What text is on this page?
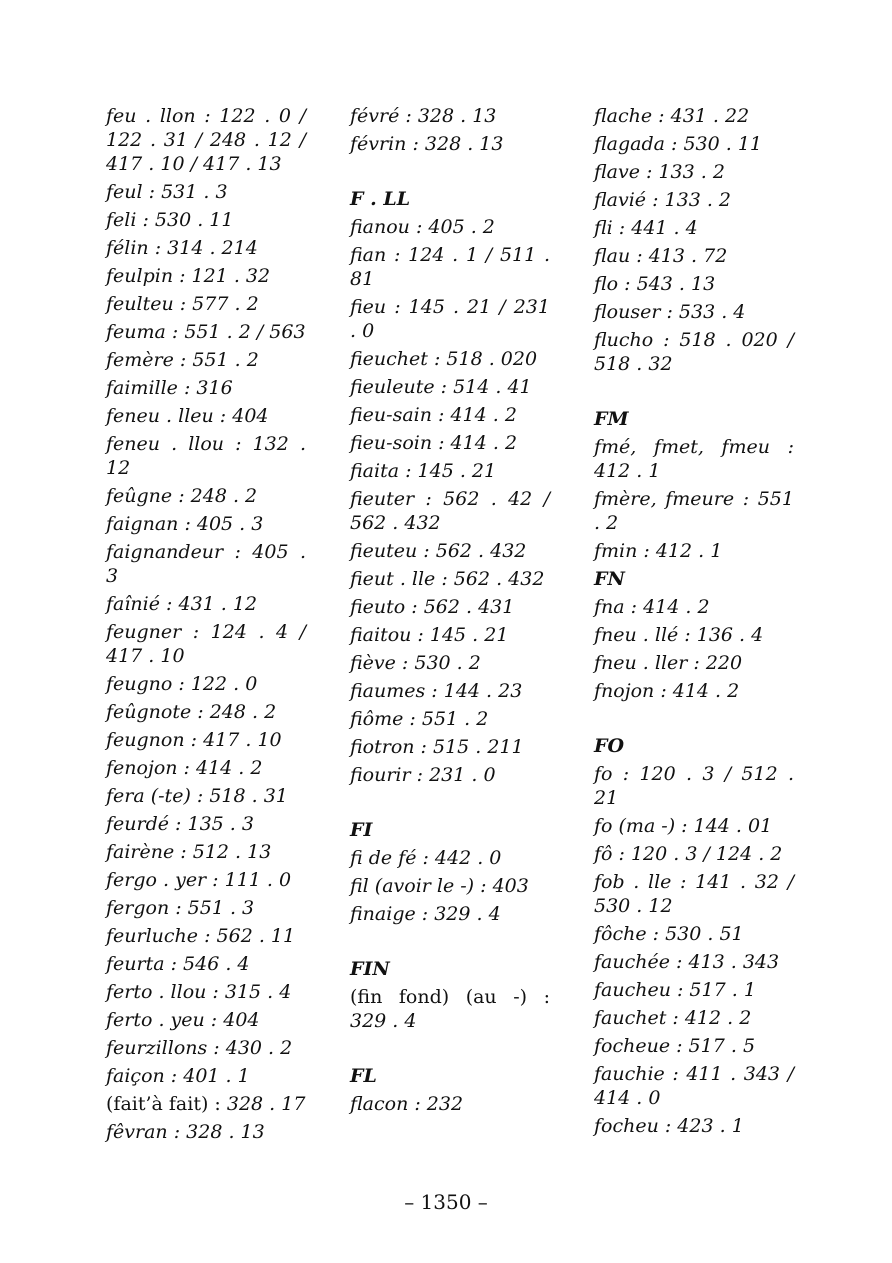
feu . llon : 122 . 0 / 122 . 31 / 248 . 12 / 417 . 10 / 417 . 13
feul : 531 . 3
feli : 530 . 11
félin : 314 . 214
feulpin : 121 . 32
feulteu : 577 . 2
feuma : 551 . 2 / 563
femère : 551 . 2
faimille : 316
feneu . lleu : 404
feneu . llou : 132 . 12
feûgne : 248 . 2
faignan : 405 . 3
faignandeur : 405 . 3
faînié : 431 . 12
feugner : 124 . 4 / 417 . 10
feugno : 122 . 0
feûgnote : 248 . 2
feugnon : 417 . 10
fenojon : 414 . 2
fera (-te) : 518 . 31
feurdé : 135 . 3
fairène : 512 . 13
fergo . yer : 111 . 0
fergon : 551 . 3
feurluche : 562 . 11
feurta : 546 . 4
ferto . llou : 315 . 4
ferto . yeu : 404
feurzillons : 430 . 2
faiçon : 401 . 1
(fait’à fait) : 328 . 17
fêvran : 328 . 13
févré : 328 . 13
févrin : 328 . 13
F . LL
fianou : 405 . 2
fian : 124 . 1 / 511 . 81
fieu : 145 . 21 / 231 . 0
fieuchet : 518 . 020
fieuleute : 514 . 41
fieu-sain : 414 . 2
fieu-soin : 414 . 2
fiaita : 145 . 21
fieuter : 562 . 42 / 562 . 432
fieuteu : 562 . 432
fieut . lle : 562 . 432
fieuto : 562 . 431
fiaitou : 145 . 21
fiève : 530 . 2
fiaumes : 144 . 23
fiôme : 551 . 2
fiotron : 515 . 211
fiourir : 231 . 0
FI
fi de fé : 442 . 0
fil (avoir le -) : 403
finaige : 329 . 4
FIN
(fin fond) (au -) : 329 . 4
FL
flacon : 232
flache : 431 . 22
flagada : 530 . 11
flave : 133 . 2
flavié : 133 . 2
fli : 441 . 4
flau : 413 . 72
flo : 543 . 13
flouser : 533 . 4
flucho : 518 . 020 / 518 . 32
FM
fmé, fmet, fmeu : 412 . 1
fmère, fmeure : 551 . 2
fmin : 412 . 1
FN
fna : 414 . 2
fneu . llé : 136 . 4
fneu . ller : 220
fnojon : 414 . 2
FO
fo : 120 . 3 / 512 . 21
fo (ma -) : 144 . 01
fô : 120 . 3 / 124 . 2
fob . lle : 141 . 32 / 530 . 12
fôche : 530 . 51
fauchée : 413 . 343
faucheu : 517 . 1
fauchet : 412 . 2
focheue : 517 . 5
fauchie : 411 . 343 / 414 . 0
focheu : 423 . 1
– 1350 –
